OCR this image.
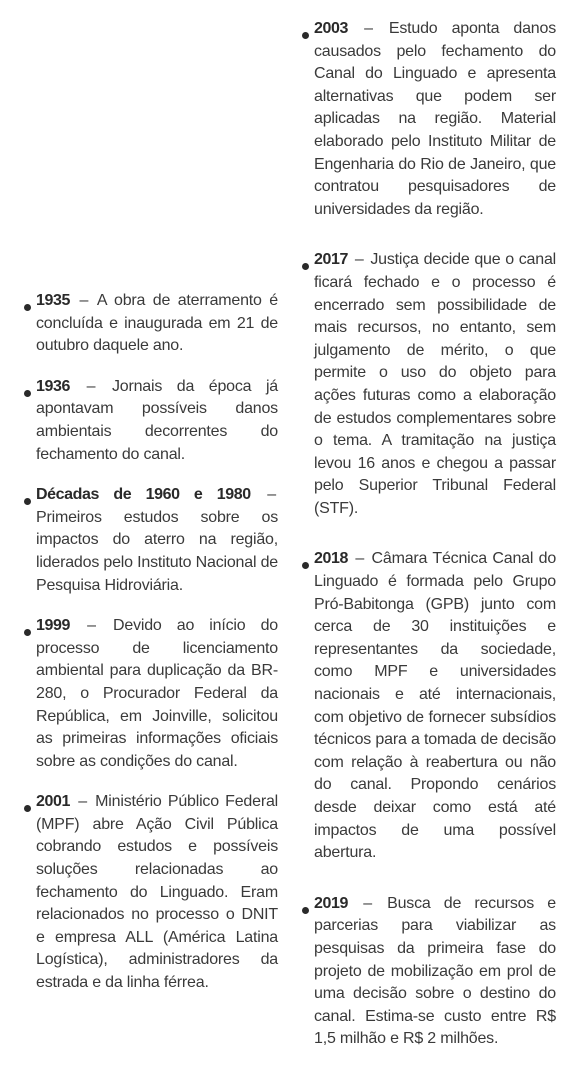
1935 – A obra de aterramento é concluída e inaugurada em 21 de outubro daquele ano.
1936 – Jornais da época já apontavam possíveis danos ambientais decorrentes do fechamento do canal.
Décadas de 1960 e 1980 – Primeiros estudos sobre os impactos do aterro na região, liderados pelo Instituto Nacional de Pesquisa Hidroviária.
1999 – Devido ao início do processo de licenciamento ambiental para duplicação da BR-280, o Procurador Federal da República, em Joinville, solicitou as primeiras informações oficiais sobre as condições do canal.
2001 – Ministério Público Federal (MPF) abre Ação Civil Pública cobrando estudos e possíveis soluções relacionadas ao fechamento do Linguado. Eram relacionados no processo o DNIT e empresa ALL (América Latina Logística), administradores da estrada e da linha férrea.
2003 – Estudo aponta danos causados pelo fechamento do Canal do Linguado e apresenta alternativas que podem ser aplicadas na região. Material elaborado pelo Instituto Militar de Engenharia do Rio de Janeiro, que contratou pesquisadores de universidades da região.
2017 – Justiça decide que o canal ficará fechado e o processo é encerrado sem possibilidade de mais recursos, no entanto, sem julgamento de mérito, o que permite o uso do objeto para ações futuras como a elaboração de estudos complementares sobre o tema. A tramitação na justiça levou 16 anos e chegou a passar pelo Superior Tribunal Federal (STF).
2018 – Câmara Técnica Canal do Linguado é formada pelo Grupo Pró-Babitonga (GPB) junto com cerca de 30 instituições e representantes da sociedade, como MPF e universidades nacionais e até internacionais, com objetivo de fornecer subsídios técnicos para a tomada de decisão com relação à reabertura ou não do canal. Propondo cenários desde deixar como está até impactos de uma possível abertura.
2019 – Busca de recursos e parcerias para viabilizar as pesquisas da primeira fase do projeto de mobilização em prol de uma decisão sobre o destino do canal. Estima-se custo entre R$ 1,5 milhão e R$ 2 milhões.
